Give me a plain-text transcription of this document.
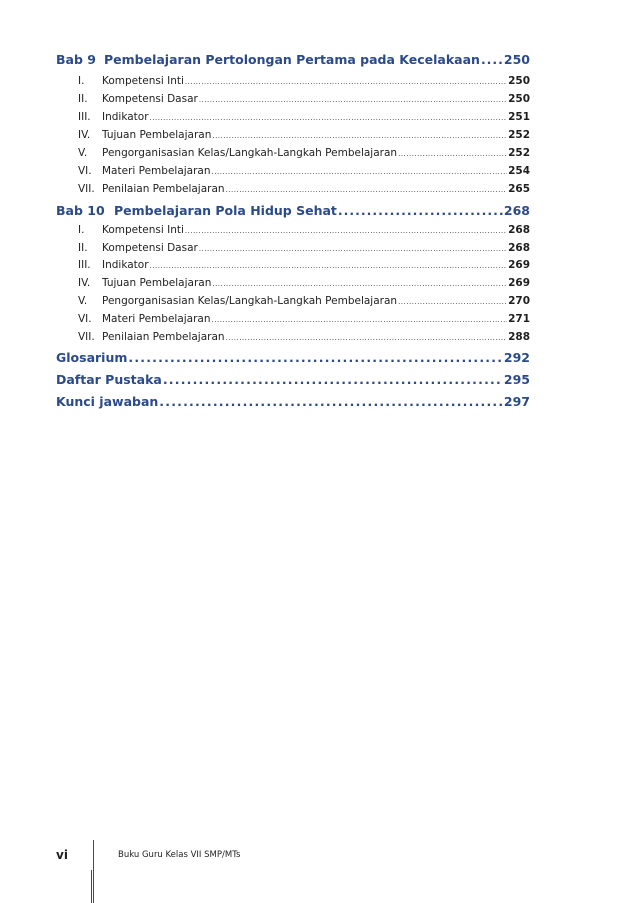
Bab 9 Pembelajaran Pertolongan Pertama pada Kecelakaan ..... 250
I.	Kompetensi Inti .....	250
II.	Kompetensi Dasar .....	250
III.	Indikator .....	251
IV.	Tujuan Pembelajaran .....	252
V.	Pengorganisasian Kelas/Langkah-Langkah Pembelajaran .....	252
VI. Materi Pembelajaran .....	254
VII. Penilaian Pembelajaran .....	265
Bab 10 Pembelajaran Pola Hidup Sehat .....	268
I.	Kompetensi Inti .....	268
II.	Kompetensi Dasar .....	268
III.	Indikator .....	269
IV.	Tujuan Pembelajaran .....	269
V.	Pengorganisasian Kelas/Langkah-Langkah Pembelajaran .....	270
VI. Materi Pembelajaran .....	271
VII. Penilaian Pembelajaran .....	288
Glosarium .....	292
Daftar Pustaka .....	295
Kunci jawaban .....	297
vi	Buku Guru Kelas VII SMP/MTs
